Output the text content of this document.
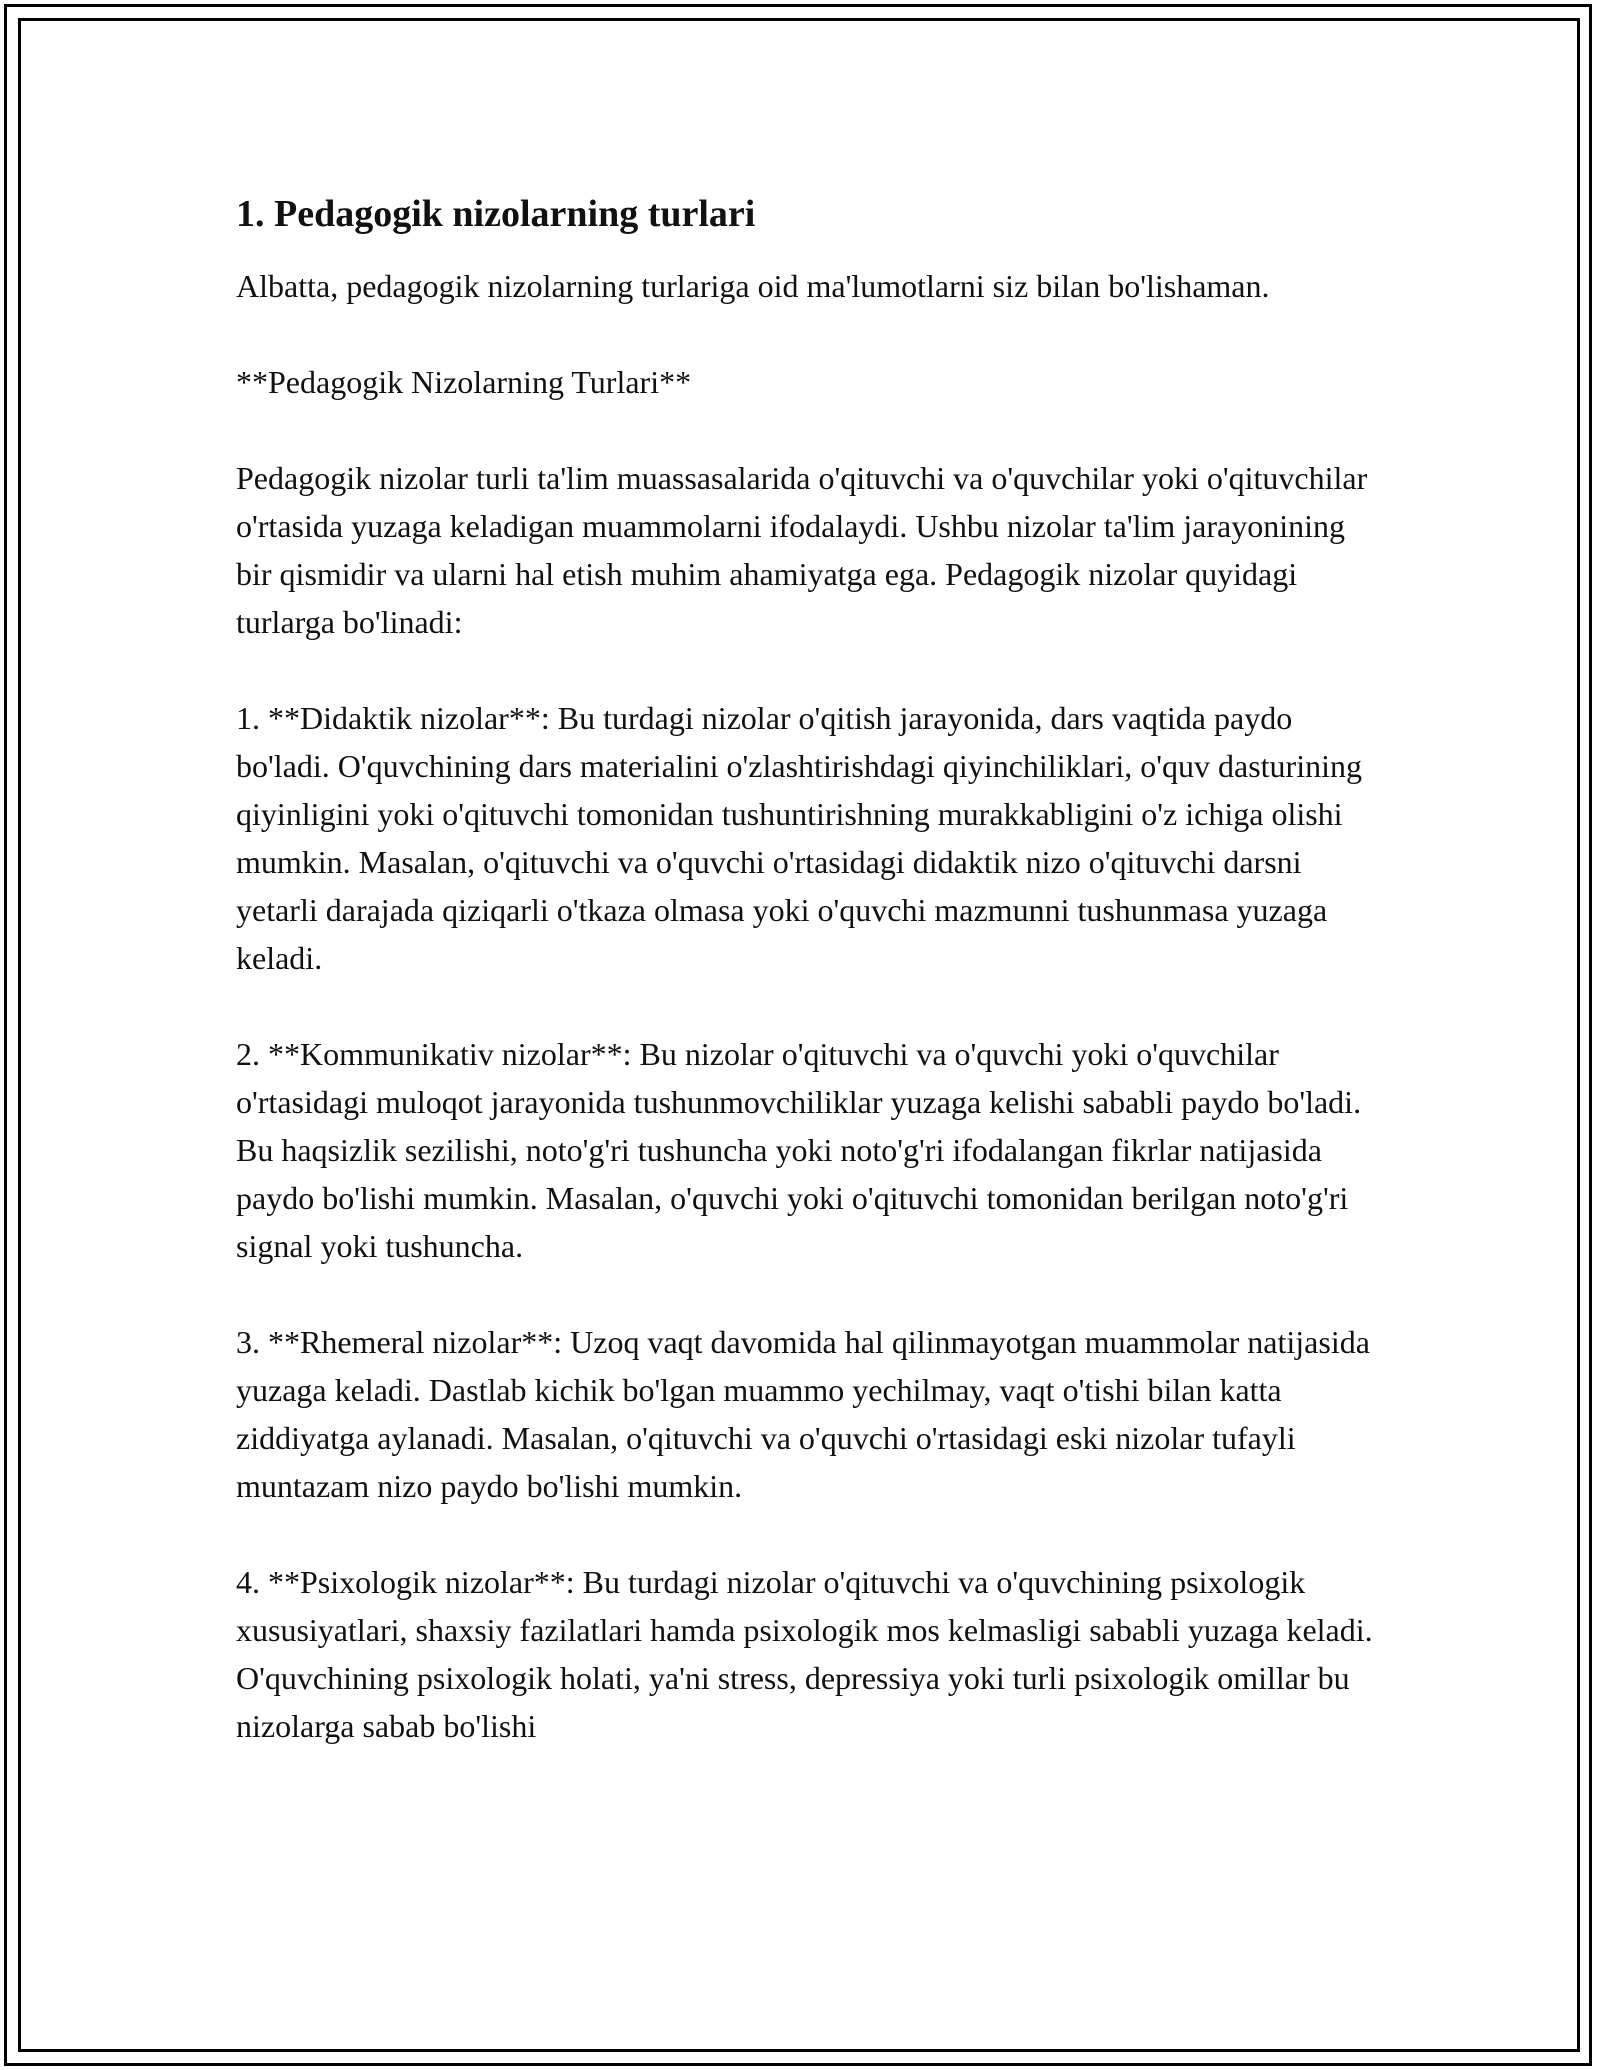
1. Pedagogik nizolarning turlari

Albatta, pedagogik nizolarning turlariga oid ma'lumotlarni siz bilan bo'lishaman.

**Pedagogik Nizolarning Turlari**

Pedagogik nizolar turli ta'lim muassasalarida o'qituvchi va o'quvchilar yoki o'qituvchilar o'rtasida yuzaga keladigan muammolarni ifodalaydi. Ushbu nizolar ta'lim jarayonining bir qismidir va ularni hal etish muhim ahamiyatga ega. Pedagogik nizolar quyidagi turlarga bo'linadi:

1. **Didaktik nizolar**: Bu turdagi nizolar o'qitish jarayonida, dars vaqtida paydo bo'ladi. O'quvchining dars materialini o'zlashtirishdagi qiyinchiliklari, o'quv dasturining qiyinligini yoki o'qituvchi tomonidan tushuntirishning murakkabligini o'z ichiga olishi mumkin. Masalan, o'qituvchi va o'quvchi o'rtasidagi didaktik nizo o'qituvchi darsni yetarli darajada qiziqarli o'tkaza olmasa yoki o'quvchi mazmunni tushunmasa yuzaga keladi.

2. **Kommunikativ nizolar**: Bu nizolar o'qituvchi va o'quvchi yoki o'quvchilar o'rtasidagi muloqot jarayonida tushunmovchiliklar yuzaga kelishi sababli paydo bo'ladi. Bu haqsizlik sezilishi, noto'g'ri tushuncha yoki noto'g'ri ifodalangan fikrlar natijasida paydo bo'lishi mumkin. Masalan, o'quvchi yoki o'qituvchi tomonidan berilgan noto'g'ri signal yoki tushuncha.

3. **Rhemeral nizolar**: Uzoq vaqt davomida hal qilinmayotgan muammolar natijasida yuzaga keladi. Dastlab kichik bo'lgan muammo yechilmay, vaqt o'tishi bilan katta ziddiyatga aylanadi. Masalan, o'qituvchi va o'quvchi o'rtasidagi eski nizolar tufayli muntazam nizo paydo bo'lishi mumkin.

4. **Psixologik nizolar**: Bu turdagi nizolar o'qituvchi va o'quvchining psixologik xususiyatlari, shaxsiy fazilatlari hamda psixologik mos kelmasligi sababli yuzaga keladi. O'quvchining psixologik holati, ya'ni stress, depressiya yoki turli psixologik omillar bu nizolarga sabab bo'lishi
